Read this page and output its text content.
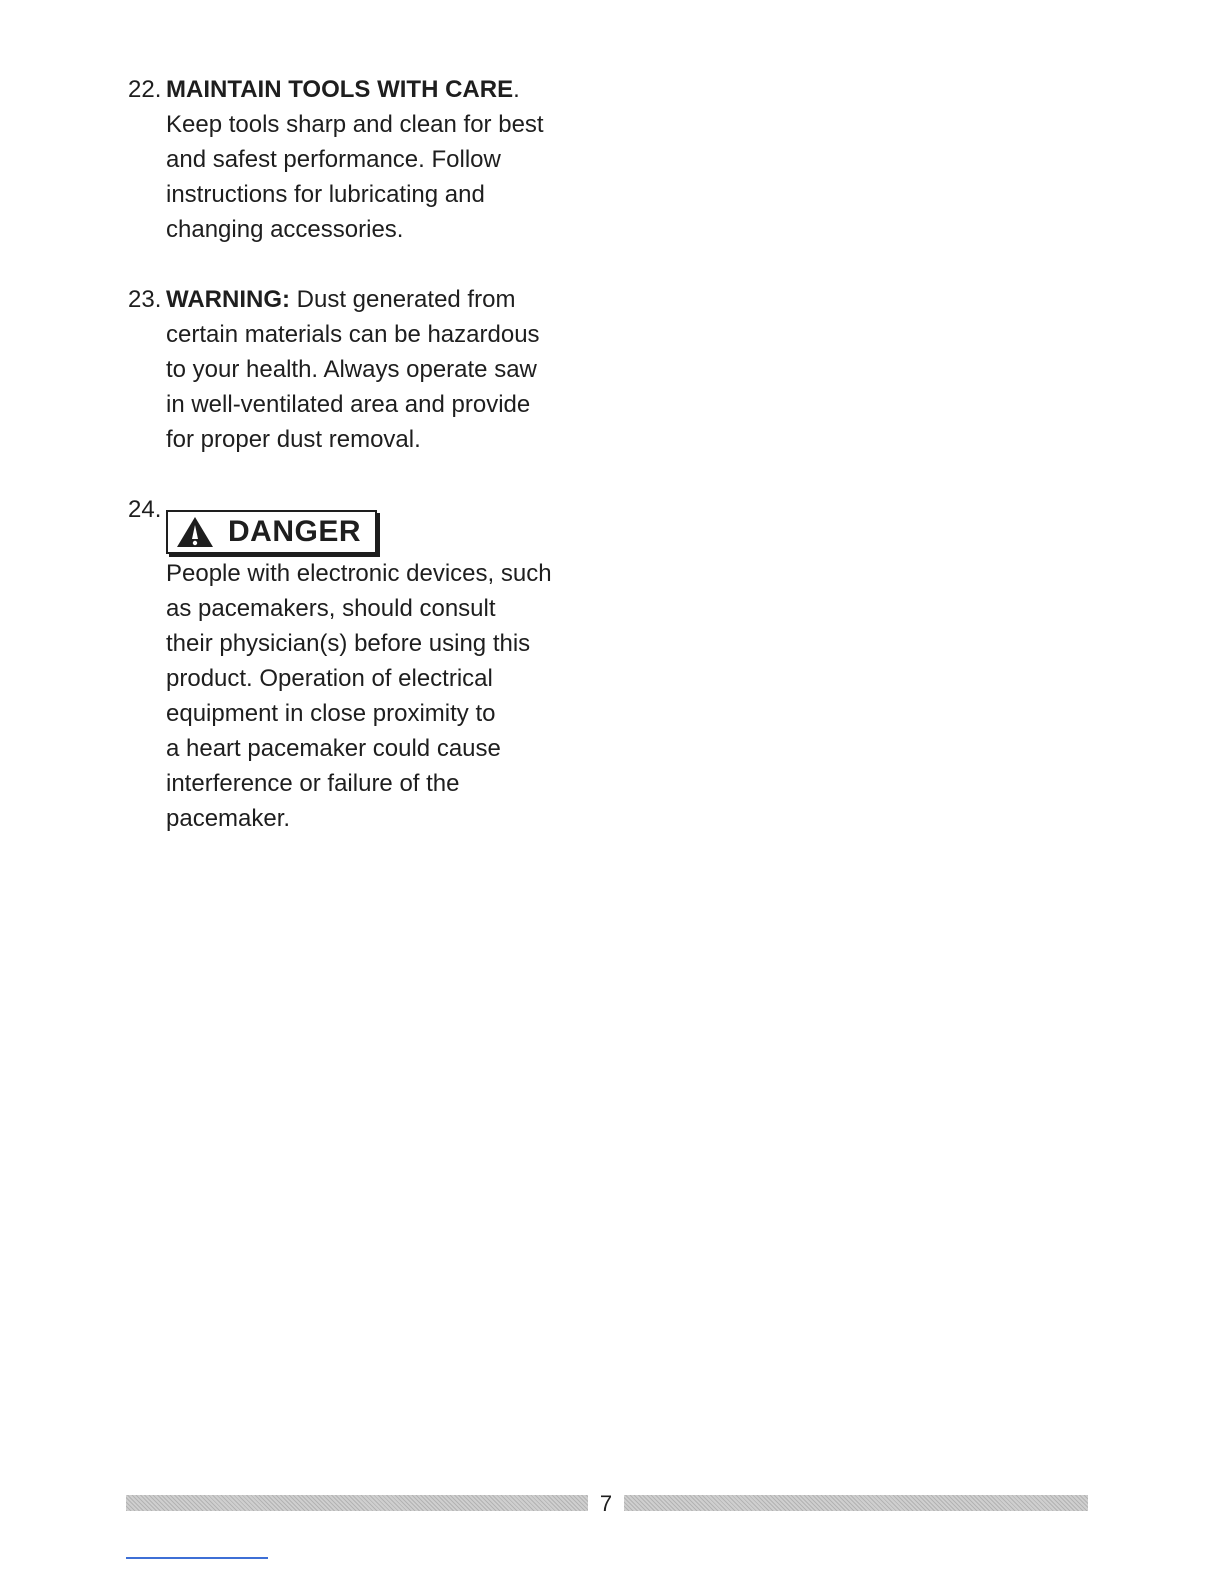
22. MAINTAIN TOOLS WITH CARE.
Keep tools sharp and clean for best
and safest performance. Follow
instructions for lubricating and
changing accessories.
23. WARNING: Dust generated from
certain materials can be hazardous
to your health. Always operate saw
in well-ventilated area and provide
for proper dust removal.
24.
DANGER
People with electronic devices, such
as pacemakers, should consult
their physician(s) before using this
product. Operation of electrical
equipment in close proximity to
a heart pacemaker could cause
interference or failure of the
pacemaker.
7
